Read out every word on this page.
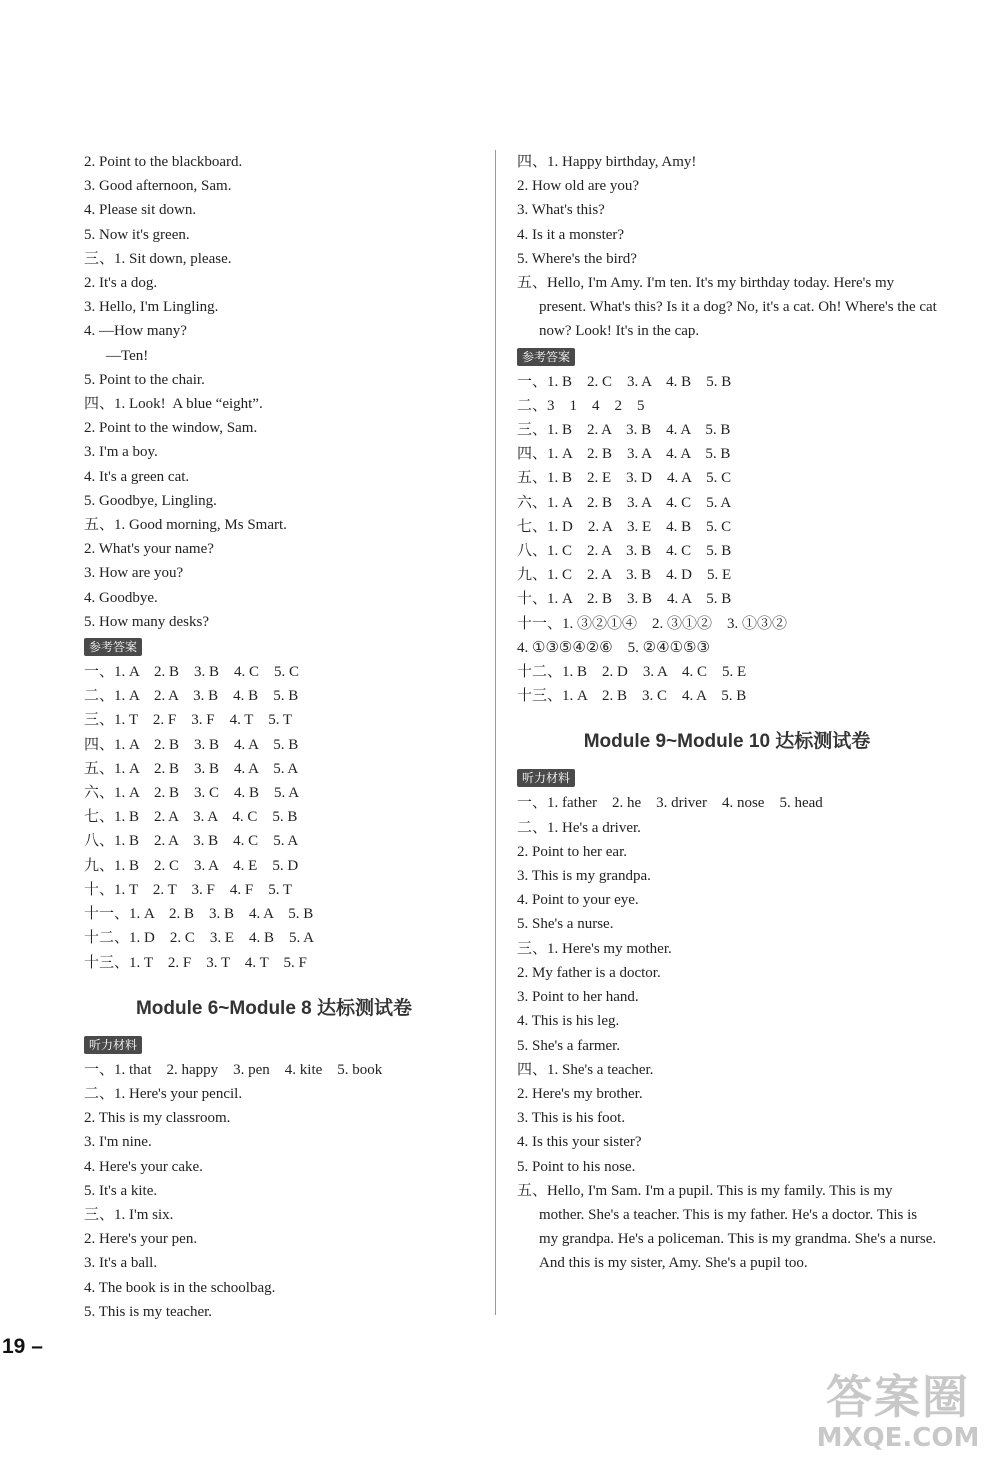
2. Point to the blackboard.
3. Good afternoon, Sam.
4. Please sit down.
5. Now it's green.
三、1. Sit down, please.
2. It's a dog.
3. Hello, I'm Lingling.
4. —How many?
—Ten!
5. Point to the chair.
四、1. Look!  A blue “eight”.
2. Point to the window, Sam.
3. I'm a boy.
4. It's a green cat.
5. Goodbye, Lingling.
五、1. Good morning, Ms Smart.
2. What's your name?
3. How are you?
4. Goodbye.
5. How many desks?
参考答案
一、1. A    2. B    3. B    4. C    5. C
二、1. A    2. A    3. B    4. B    5. B
三、1. T    2. F    3. F    4. T    5. T
四、1. A    2. B    3. B    4. A    5. B
五、1. A    2. B    3. B    4. A    5. A
六、1. A    2. B    3. C    4. B    5. A
七、1. B    2. A    3. A    4. C    5. B
八、1. B    2. A    3. B    4. C    5. A
九、1. B    2. C    3. A    4. E    5. D
十、1. T    2. T    3. F    4. F    5. T
十一、1. A    2. B    3. B    4. A    5. B
十二、1. D    2. C    3. E    4. B    5. A
十三、1. T    2. F    3. T    4. T    5. F
Module 6~Module 8 达标测试卷
听力材料
一、1. that    2. happy    3. pen    4. kite    5. book
二、1. Here's your pencil.
2. This is my classroom.
3. I'm nine.
4. Here's your cake.
5. It's a kite.
三、1. I'm six.
2. Here's your pen.
3. It's a ball.
4. The book is in the schoolbag.
5. This is my teacher.
四、1. Happy birthday, Amy!
2. How old are you?
3. What's this?
4. Is it a monster?
5. Where's the bird?
五、Hello, I'm Amy. I'm ten. It's my birthday today. Here's my present. What's this? Is it a dog? No, it's a cat. Oh! Where's the cat now? Look! It's in the cap.
参考答案
一、1. B    2. C    3. A    4. B    5. B
二、3    1    4    2    5
三、1. B    2. A    3. B    4. A    5. B
四、1. A    2. B    3. A    4. A    5. B
五、1. B    2. E    3. D    4. A    5. C
六、1. A    2. B    3. A    4. C    5. A
七、1. D    2. A    3. E    4. B    5. C
八、1. C    2. A    3. B    4. C    5. B
九、1. C    2. A    3. B    4. D    5. E
十、1. A    2. B    3. B    4. A    5. B
十一、1. ③②①④    2. ③①②    3. ①③②
4. ①③⑤④②⑥    5. ②④①⑤③
十二、1. B    2. D    3. A    4. C    5. E
十三、1. A    2. B    3. C    4. A    5. B
Module 9~Module 10 达标测试卷
听力材料
一、1. father    2. he    3. driver    4. nose    5. head
二、1. He's a driver.
2. Point to her ear.
3. This is my grandpa.
4. Point to your eye.
5. She's a nurse.
三、1. Here's my mother.
2. My father is a doctor.
3. Point to her hand.
4. This is his leg.
5. She's a farmer.
四、1. She's a teacher.
2. Here's my brother.
3. This is his foot.
4. Is this your sister?
5. Point to his nose.
五、Hello, I'm Sam. I'm a pupil. This is my family. This is my mother. She's a teacher. This is my father. He's a doctor. This is my grandpa. He's a policeman. This is my grandma. She's a nurse. And this is my sister, Amy. She's a pupil too.
19 –
答案圈
MXQE.COM
